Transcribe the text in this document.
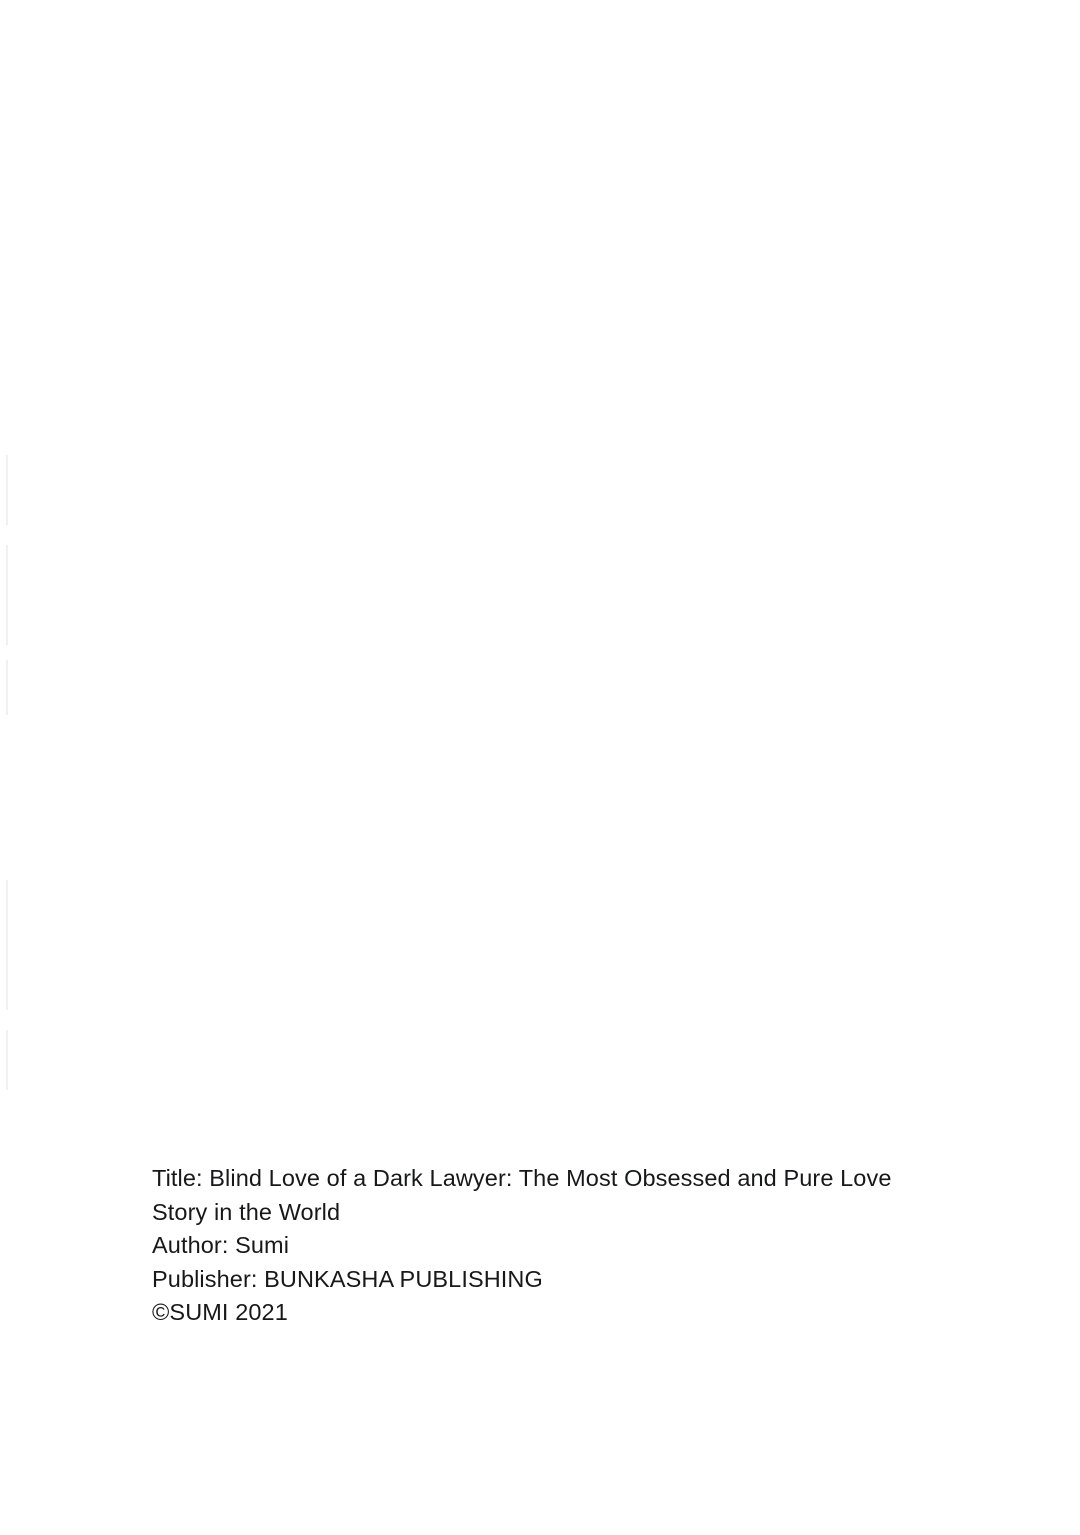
Title: Blind Love of a Dark Lawyer: The Most Obsessed and Pure Love Story in the World
Author: Sumi
Publisher: BUNKASHA PUBLISHING
©SUMI 2021
